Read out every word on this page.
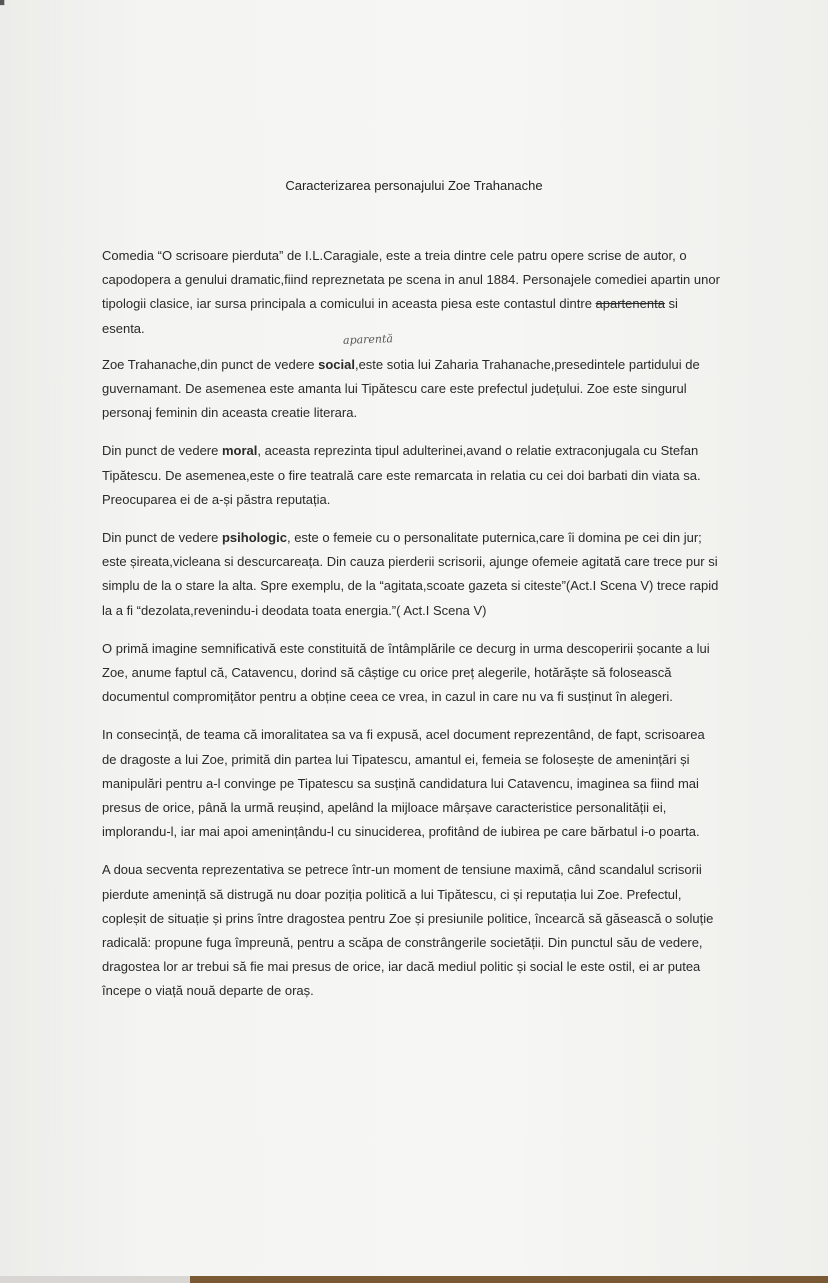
▘
Caracterizarea personajului Zoe Trahanache
aparentă

Comedia “O scrisoare pierduta” de I.L.Caragiale, este a treia dintre cele patru opere scrise de autor, o capodopera a genului dramatic,fiind repreznetata pe scena in anul 1884. Personajele comediei apartin unor tipologii clasice, iar sursa principala a comicului in aceasta piesa este contastul dintre apartenenta si esenta.

Zoe Trahanache,din punct de vedere social,este sotia lui Zaharia Trahanache,presedintele partidului de guvernamant. De asemenea este amanta lui Tipătescu care este prefectul județului. Zoe este singurul personaj feminin din aceasta creatie literara.

Din punct de vedere moral, aceasta reprezinta tipul adulterinei,avand o relatie extraconjugala cu Stefan Tipătescu. De asemenea,este o fire teatrală care este remarcata in relatia cu cei doi barbati din viata sa. Preocuparea ei de a-și păstra reputația.

Din punct de vedere psihologic, este o femeie cu o personalitate puternica,care îi domina pe cei din jur; este șireata,vicleana si descurcareața. Din cauza pierderii scrisorii, ajunge ofemeie agitată care trece pur si simplu de la o stare la alta. Spre exemplu, de la “agitata,scoate gazeta si citeste”(Act.I Scena V) trece rapid la a fi “dezolata,revenindu-i deodata toata energia.”( Act.I Scena V)

O primă imagine semnificativă este constituită de întâmplările ce decurg in urma descoperirii șocante a lui Zoe, anume faptul că, Catavencu, dorind să câștige cu orice preț alegerile, hotărăște să folosească documentul compromițător pentru a obține ceea ce vrea, in cazul in care nu va fi susținut în alegeri.

In consecință, de teama că imoralitatea sa va fi expusă, acel document reprezentând, de fapt, scrisoarea de dragoste a lui Zoe, primită din partea lui Tipatescu, amantul ei, femeia se folosește de amenințări și manipulări pentru a-l convinge pe Tipatescu sa susțină candidatura lui Catavencu, imaginea sa fiind mai presus de orice, până la urmă reușind, apelând la mijloace mârșave caracteristice personalității ei, implorandu-l, iar mai apoi amenințându-l cu sinuciderea, profitând de iubirea pe care bărbatul i-o poarta.

A doua secventa reprezentativa se petrece într-un moment de tensiune maximă, când scandalul scrisorii pierdute amenință să distrugă nu doar poziția politică a lui Tipătescu, ci și reputația lui Zoe. Prefectul, copleșit de situație și prins între dragostea pentru Zoe și presiunile politice, încearcă să găsească o soluție radicală: propune fuga împreună, pentru a scăpa de constrângerile societății. Din punctul său de vedere, dragostea lor ar trebui să fie mai presus de orice, iar dacă mediul politic și social le este ostil, ei ar putea începe o viață nouă departe de oraș.
